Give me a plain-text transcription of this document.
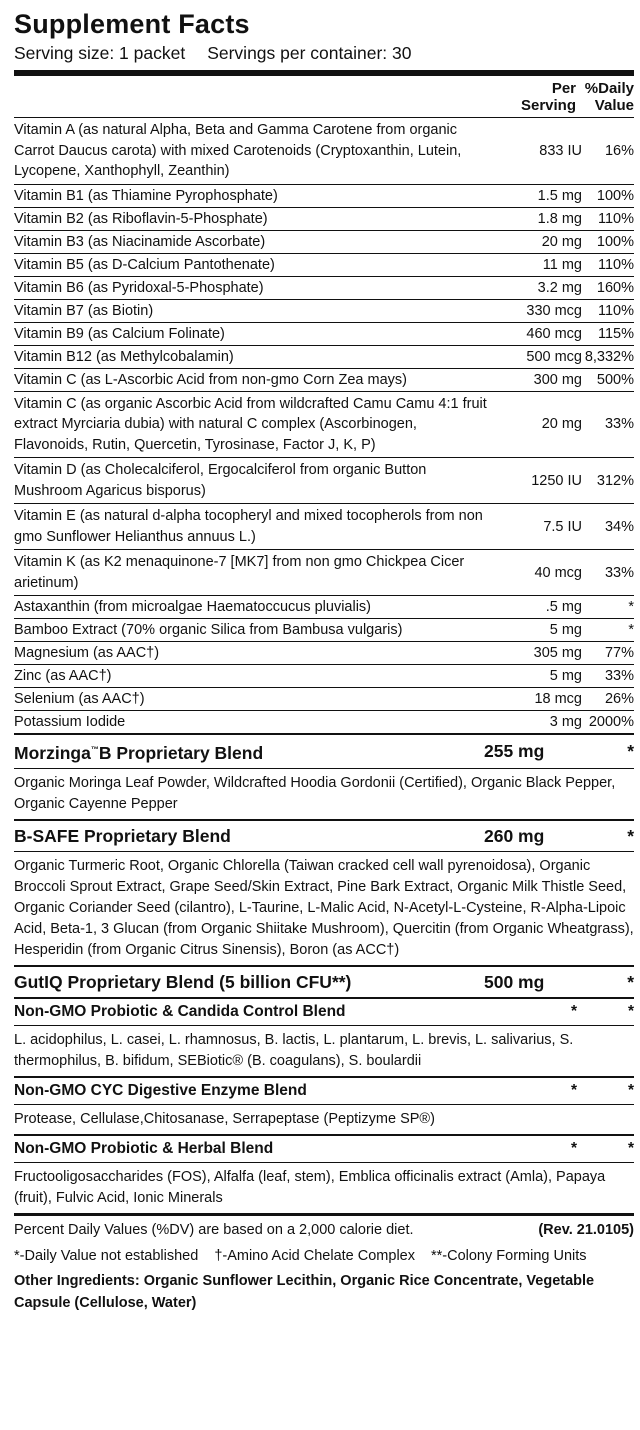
Supplement Facts
Serving size: 1 packet Servings per container: 30
Per
Serving
%Daily
Value
Vitamin A (as natural Alpha, Beta and Gamma Carotene from organic Carrot Daucus carota) with mixed Carotenoids (Cryptoxanthin, Lutein, Lycopene, Xanthophyll, Zeanthin)
833 IU	16%
Vitamin B1 (as Thiamine Pyrophosphate)	1.5 mg	100%
Vitamin B2 (as Riboflavin-5-Phosphate)	1.8 mg	110%
Vitamin B3 (as Niacinamide Ascorbate)	20 mg	100%
Vitamin B5 (as D-Calcium Pantothenate)	11 mg	110%
Vitamin B6 (as Pyridoxal-5-Phosphate)	3.2 mg	160%
Vitamin B7 (as Biotin)	330 mcg	110%
Vitamin B9 (as Calcium Folinate)	460 mcg	115%
Vitamin B12 (as Methylcobalamin)	500 mcg 8,332%
Vitamin C (as L-Ascorbic Acid from non-gmo Corn Zea mays)	300 mg	500%
Vitamin C (as organic Ascorbic Acid from wildcrafted Camu Camu 4:1 fruit extract Myrciaria dubia) with natural C complex (Ascorbinogen, Flavonoids, Rutin, Quercetin, Tyrosinase, Factor J, K, P)
20 mg	33%
Vitamin D (as Cholecalciferol, Ergocalciferol from organic Button Mushroom Agaricus bisporus)
1250 IU	312%
Vitamin E (as natural d-alpha tocopheryl and mixed tocopherols from non gmo Sunflower Helianthus annuus L.)
7.5 IU	34%
Vitamin K (as K2 menaquinone-7 [MK7] from non gmo Chickpea Cicer arietinum)
40 mcg	33%
Astaxanthin (from microalgae Haematoccucus pluvialis)	.5 mg	*
Bamboo Extract (70% organic Silica from Bambusa vulgaris)	5 mg	*
Magnesium (as AAC†)	305 mg	77%
Zinc (as AAC†)	5 mg	33%
Selenium (as AAC†)	18 mcg	26%
Potassium Iodide	3 mg 2000%
Morzinga™B Proprietary Blend	255 mg	*
Organic Moringa Leaf Powder, Wildcrafted Hoodia Gordonii (Certified), Organic Black Pepper, Organic Cayenne Pepper
B-SAFE Proprietary Blend	260 mg	*
Organic Turmeric Root, Organic Chlorella (Taiwan cracked cell wall pyrenoidosa), Organic Broccoli Sprout Extract, Grape Seed/Skin Extract, Pine Bark Extract, Organic Milk Thistle Seed, Organic Coriander Seed (cilantro), L-Taurine, L-Malic Acid, N-Acetyl-L-Cysteine, R-Alpha-Lipoic Acid, Beta-1, 3 Glucan (from Organic Shiitake Mushroom), Quercitin (from Organic Wheatgrass), Hesperidin (from Organic Citrus Sinensis), Boron (as ACC†)
GutIQ Proprietary Blend (5 billion CFU**)	500 mg	*
Non-GMO Probiotic & Candida Control Blend	*	*
L. acidophilus, L. casei, L. rhamnosus, B. lactis, L. plantarum, L. brevis, L. salivarius, S. thermophilus, B. bifidum, SEBiotic® (B. coagulans), S. boulardii
Non-GMO CYC Digestive Enzyme Blend	*	*
Protease, Cellulase,Chitosanase, Serrapeptase (Peptizyme SP®)
Non-GMO Probiotic & Herbal Blend	*	*
Fructooligosaccharides (FOS), Alfalfa (leaf, stem), Emblica officinalis extract (Amla), Papaya (fruit), Fulvic Acid, Ionic Minerals
Percent Daily Values (%DV) are based on a 2,000 calorie diet.	(Rev. 21.0105)
*-Daily Value not established †-Amino Acid Chelate Complex **-Colony Forming Units
Other Ingredients: Organic Sunflower Lecithin, Organic Rice Concentrate, Vegetable Capsule (Cellulose, Water)
